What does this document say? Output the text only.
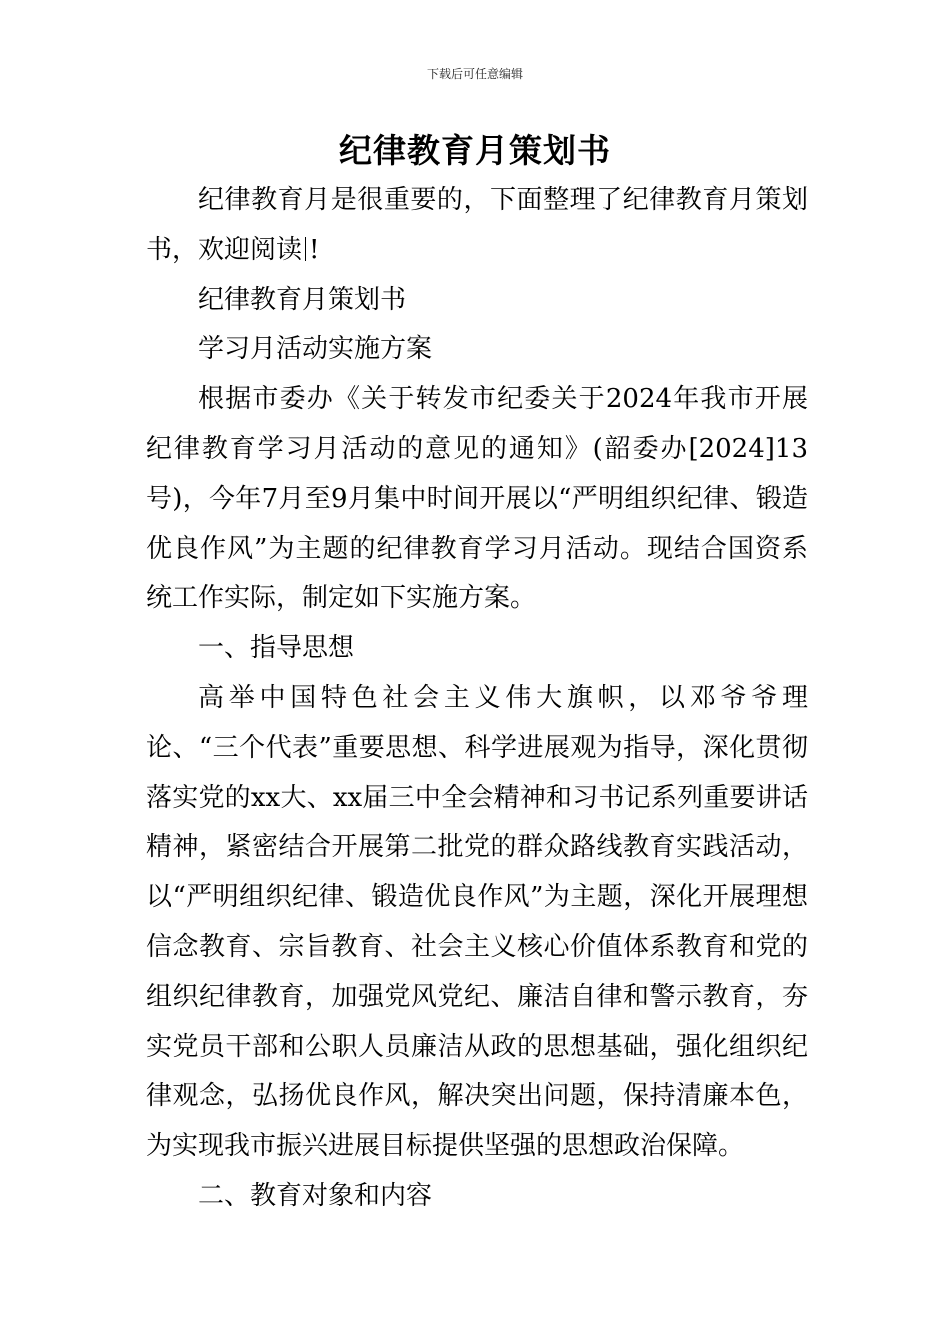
下载后可任意编辑
纪律教育月策划书

纪律教育月是很重要的，下面整理了纪律教育月策划书，欢迎阅读 !

纪律教育月策划书

学习月活动实施方案

根据市委办《关于转发市纪委关于2024年我市开展纪律教育学习月活动的意见的通知》(韶委办[2024]13号)，今年7月至9月集中时间开展以“严明组织纪律、锻造优良作风”为主题的纪律教育学习月活动。现结合国资系统工作实际，制定如下实施方案。

一、指导思想

高举中国特色社会主义伟大旗帜，以邓爷爷理论、“三个代表”重要思想、科学进展观为指导，深化贯彻落实党的xx大、xx届三中全会精神和习书记系列重要讲话精神，紧密结合开展第二批党的群众路线教育实践活动，以“严明组织纪律、锻造优良作风”为主题，深化开展理想信念教育、宗旨教育、社会主义核心价值体系教育和党的组织纪律教育，加强党风党纪、廉洁自律和警示教育，夯实党员干部和公职人员廉洁从政的思想基础，强化组织纪律观念，弘扬优良作风，解决突出问题，保持清廉本色，为实现我市振兴进展目标提供坚强的思想政治保障。

二、教育对象和内容
